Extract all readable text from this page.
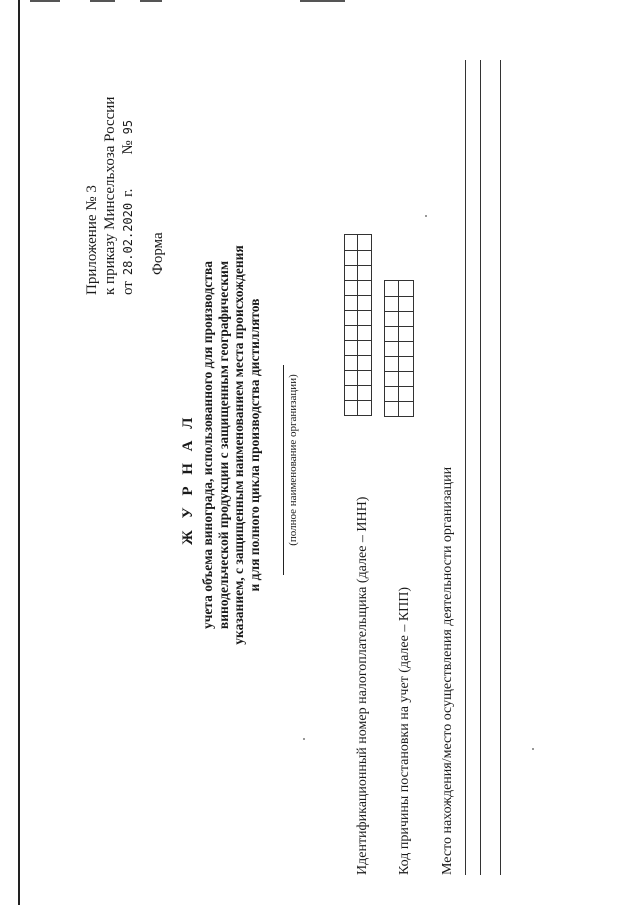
Приложение № 3 к приказу Минсельхоза России от
28.02.2020
г.
№
95
Форма
Ж У Р Н А Л учета объема винограда, использованного для производства винодельческой продукции с защищенным географическим указанием, с защищенным наименованием места происхождения и для полного цикла производства дистиллятов (полное наименование организации)
Идентификационный номер налогоплательщика (далее – ИНН) Код причины постановки на учет (далее – КПП) Место нахождения/место осуществления деятельности организации
